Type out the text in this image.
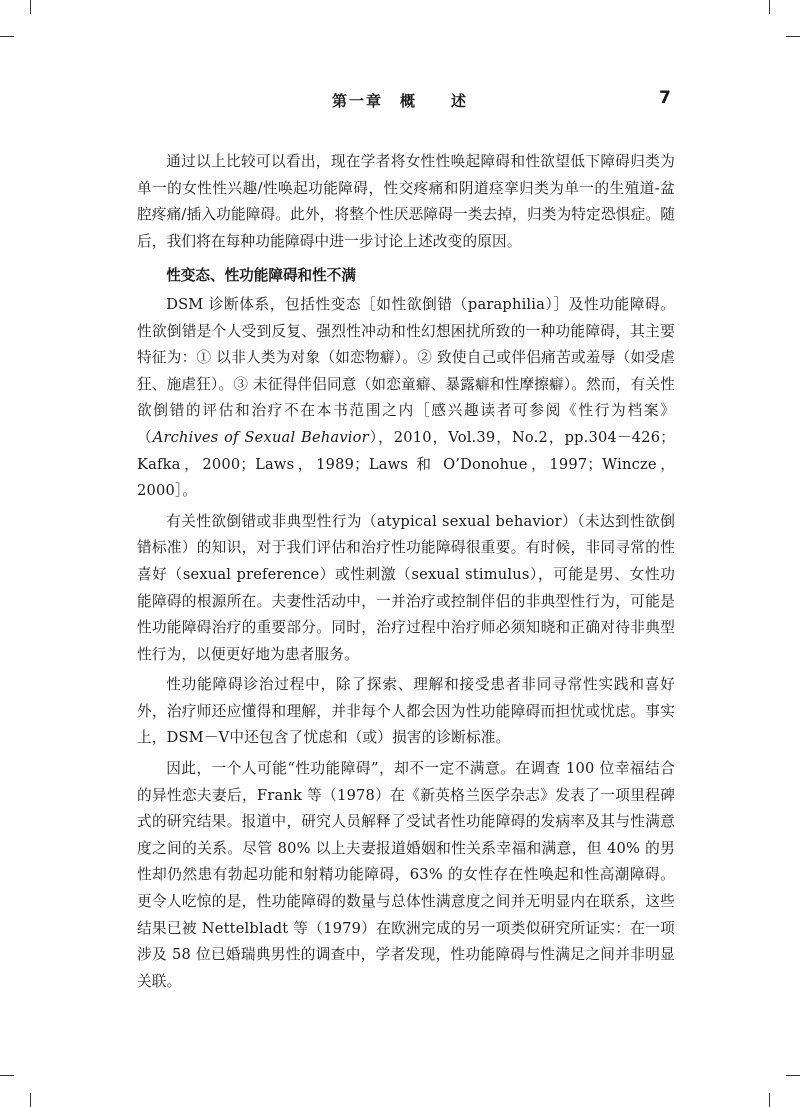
第一章　概　　述	7

通过以上比较可以看出，现在学者将女性性唤起障碍和性欲望低下障碍归类为单一的女性性兴趣/性唤起功能障碍，性交疼痛和阴道痉挛归类为单一的生殖道-盆腔疼痛/插入功能障碍。此外，将整个性厌恶障碍一类去掉，归类为特定恐惧症。随后，我们将在每种功能障碍中进一步讨论上述改变的原因。

性变态、性功能障碍和性不满

DSM 诊断体系，包括性变态［如性欲倒错（paraphilia）］及性功能障碍。性欲倒错是个人受到反复、强烈性冲动和性幻想困扰所致的一种功能障碍，其主要特征为：① 以非人类为对象（如恋物癖）。② 致使自己或伴侣痛苦或羞辱（如受虐狂、施虐狂）。③ 未征得伴侣同意（如恋童癖、暴露癖和性摩擦癖）。然而，有关性欲倒错的评估和治疗不在本书范围之内［感兴趣读者可参阅《性行为档案》（Archives of Sexual Behavior），2010，Vol.39，No.2，pp.304－426；Kafka，2000；Laws，1989；Laws 和 O’Donohue，1997；Wincze，2000］。

有关性欲倒错或非典型性行为（atypical sexual behavior）（未达到性欲倒错标准）的知识，对于我们评估和治疗性功能障碍很重要。有时候，非同寻常的性喜好（sexual preference）或性刺激（sexual stimulus），可能是男、女性功能障碍的根源所在。夫妻性活动中，一并治疗或控制伴侣的非典型性行为，可能是性功能障碍治疗的重要部分。同时，治疗过程中治疗师必须知晓和正确对待非典型性行为，以便更好地为患者服务。

性功能障碍诊治过程中，除了探索、理解和接受患者非同寻常性实践和喜好外，治疗师还应懂得和理解，并非每个人都会因为性功能障碍而担忧或忧虑。事实上，DSM－Ⅴ中还包含了忧虑和（或）损害的诊断标准。

因此，一个人可能“性功能障碍”，却不一定不满意。在调查 100 位幸福结合的异性恋夫妻后，Frank 等（1978）在《新英格兰医学杂志》发表了一项里程碑式的研究结果。报道中，研究人员解释了受试者性功能障碍的发病率及其与性满意度之间的关系。尽管 80% 以上夫妻报道婚姻和性关系幸福和满意，但 40% 的男性却仍然患有勃起功能和射精功能障碍，63% 的女性存在性唤起和性高潮障碍。更令人吃惊的是，性功能障碍的数量与总体性满意度之间并无明显内在联系，这些结果已被 Nettelbladt 等（1979）在欧洲完成的另一项类似研究所证实：在一项涉及 58 位已婚瑞典男性的调查中，学者发现，性功能障碍与性满足之间并非明显关联。
